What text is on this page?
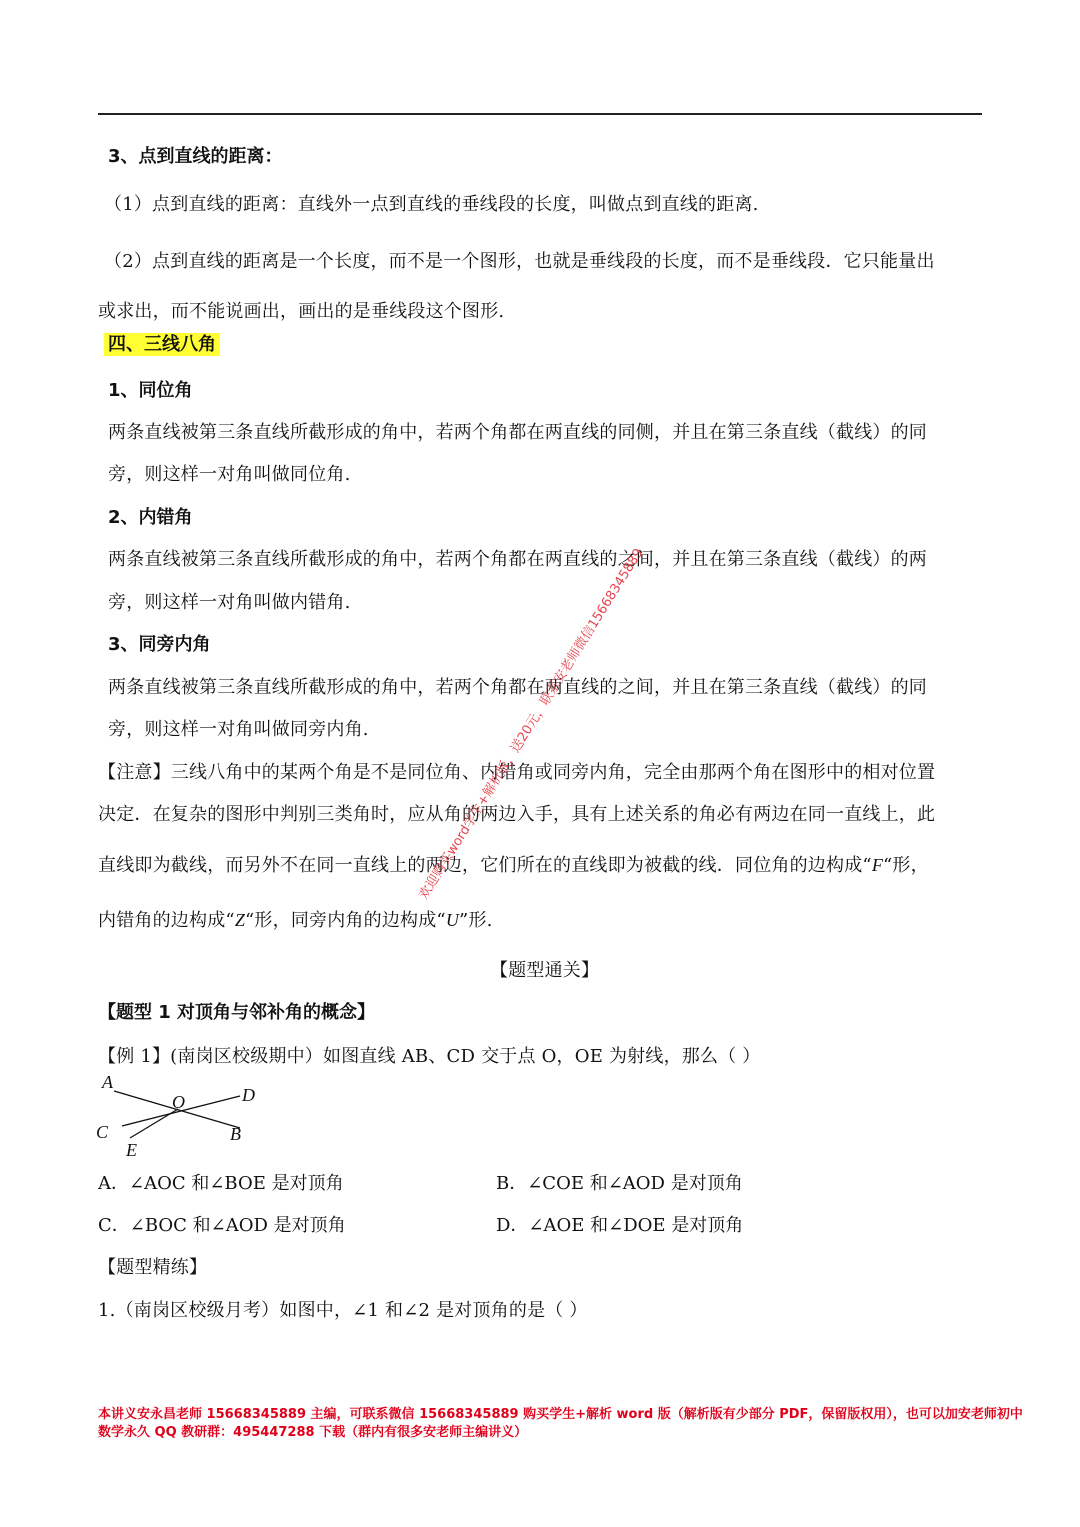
3、点到直线的距离：
（1）点到直线的距离：直线外一点到直线的垂线段的长度，叫做点到直线的距离.
（2）点到直线的距离是一个长度，而不是一个图形，也就是垂线段的长度，而不是垂线段．它只能量出
或求出，而不能说画出，画出的是垂线段这个图形.
四、三线八角
1、同位角
两条直线被第三条直线所截形成的角中，若两个角都在两直线的同侧，并且在第三条直线（截线）的同
旁，则这样一对角叫做同位角.
2、内错角
两条直线被第三条直线所截形成的角中，若两个角都在两直线的之间，并且在第三条直线（截线）的两
旁，则这样一对角叫做内错角.
3、同旁内角
两条直线被第三条直线所截形成的角中，若两个角都在两直线的之间，并且在第三条直线（截线）的同
旁，则这样一对角叫做同旁内角.
【注意】三线八角中的某两个角是不是同位角、内错角或同旁内角，完全由那两个角在图形中的相对位置
决定．在复杂的图形中判别三类角时，应从角的两边入手，具有上述关系的角必有两边在同一直线上，此
直线即为截线，而另外不在同一直线上的两边，它们所在的直线即为被截的线．同位角的边构成“F“形，
内错角的边构成“Z“形，同旁内角的边构成“U”形.
【题型通关】
【题型 1 对顶角与邻补角的概念】
【例 1】(南岗区校级期中）如图直线 AB、CD 交于点 O，OE 为射线，那么（ ）
A
O	D
C
E
B
A．∠AOC 和∠BOE 是对顶角	B．∠COE 和∠AOD 是对顶角
C．∠BOC 和∠AOD 是对顶角	D．∠AOE 和∠DOE 是对顶角
【题型精练】
1.（南岗区校级月考）如图中，∠1 和∠2 是对顶角的是（ ）
欢迎购买word学生+解析版，送20元，联系安老师微信15668345889
本讲义安永昌老师 15668345889 主编，可联系微信 15668345889 购买学生+解析 word 版（解析版有少部分 PDF，保留版权用），也可以加安老师初中
数学永久 QQ 教研群：495447288 下载（群内有很多安老师主编讲义）
